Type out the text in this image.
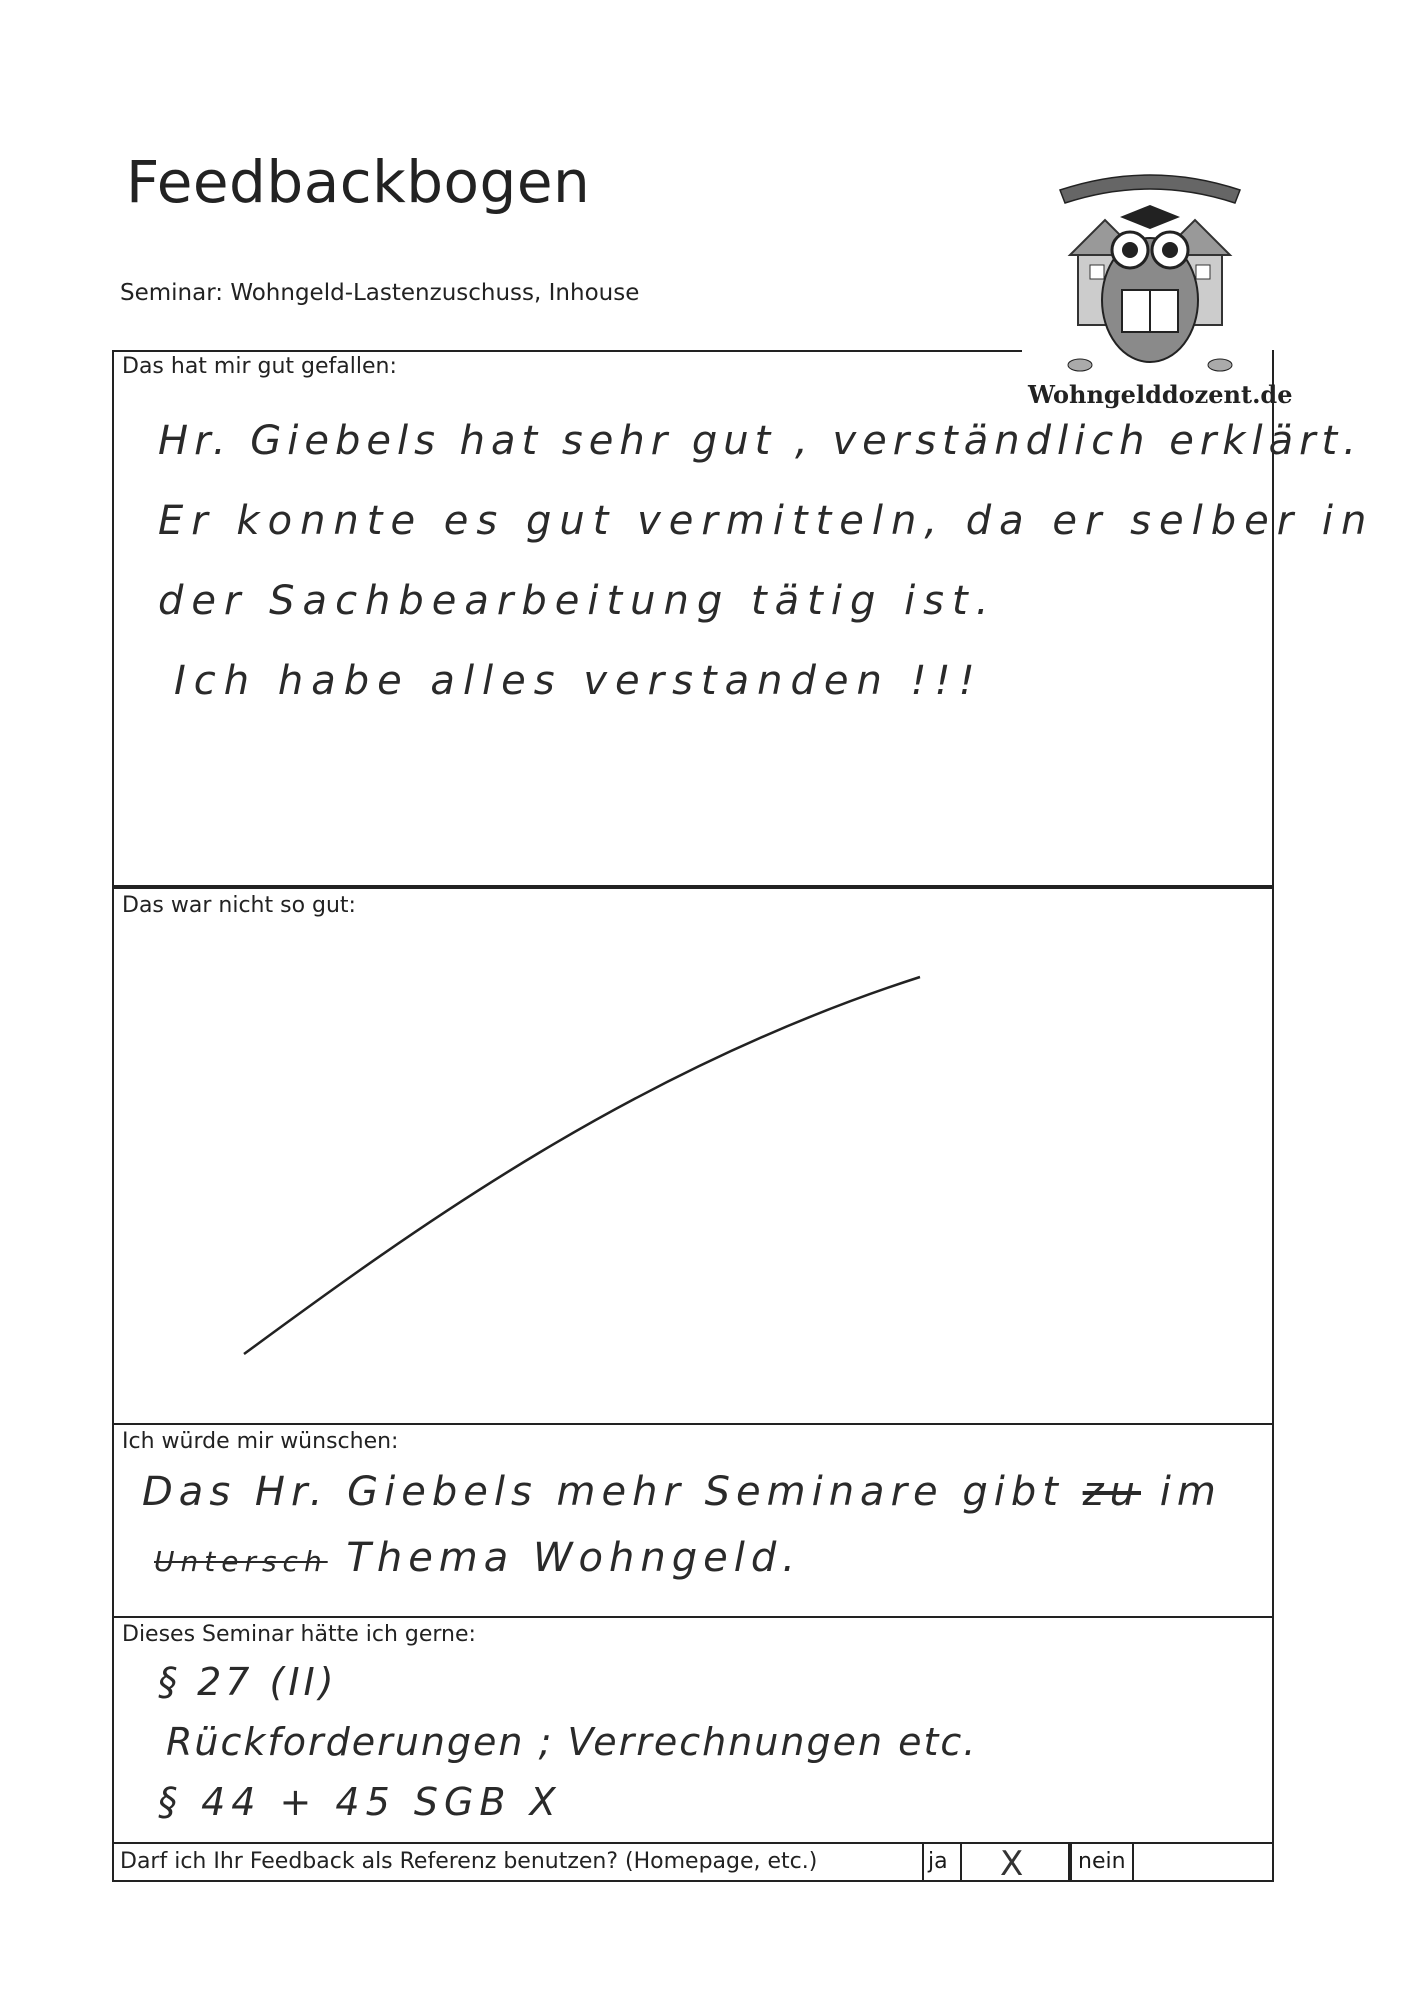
Feedbackbogen
Seminar: Wohngeld-Lastenzuschuss, Inhouse
Wohngelddozent.de
Das hat mir gut gefallen:
Hr. Giebels hat sehr gut , verständlich erklärt.
Er konnte es gut vermitteln, da er selber in
der Sachbearbeitung tätig ist.
Ich habe alles verstanden !!!
Das war nicht so gut:
Ich würde mir wünschen:
Das Hr. Giebels mehr Seminare gibt zu im
Untersch Thema Wohngeld.
Dieses Seminar hätte ich gerne:
§ 27 (II)
Rückforderungen ; Verrechnungen etc.
§ 44 + 45 SGB X
Darf ich Ihr Feedback als Referenz benutzen? (Homepage, etc.)	ja X nein
